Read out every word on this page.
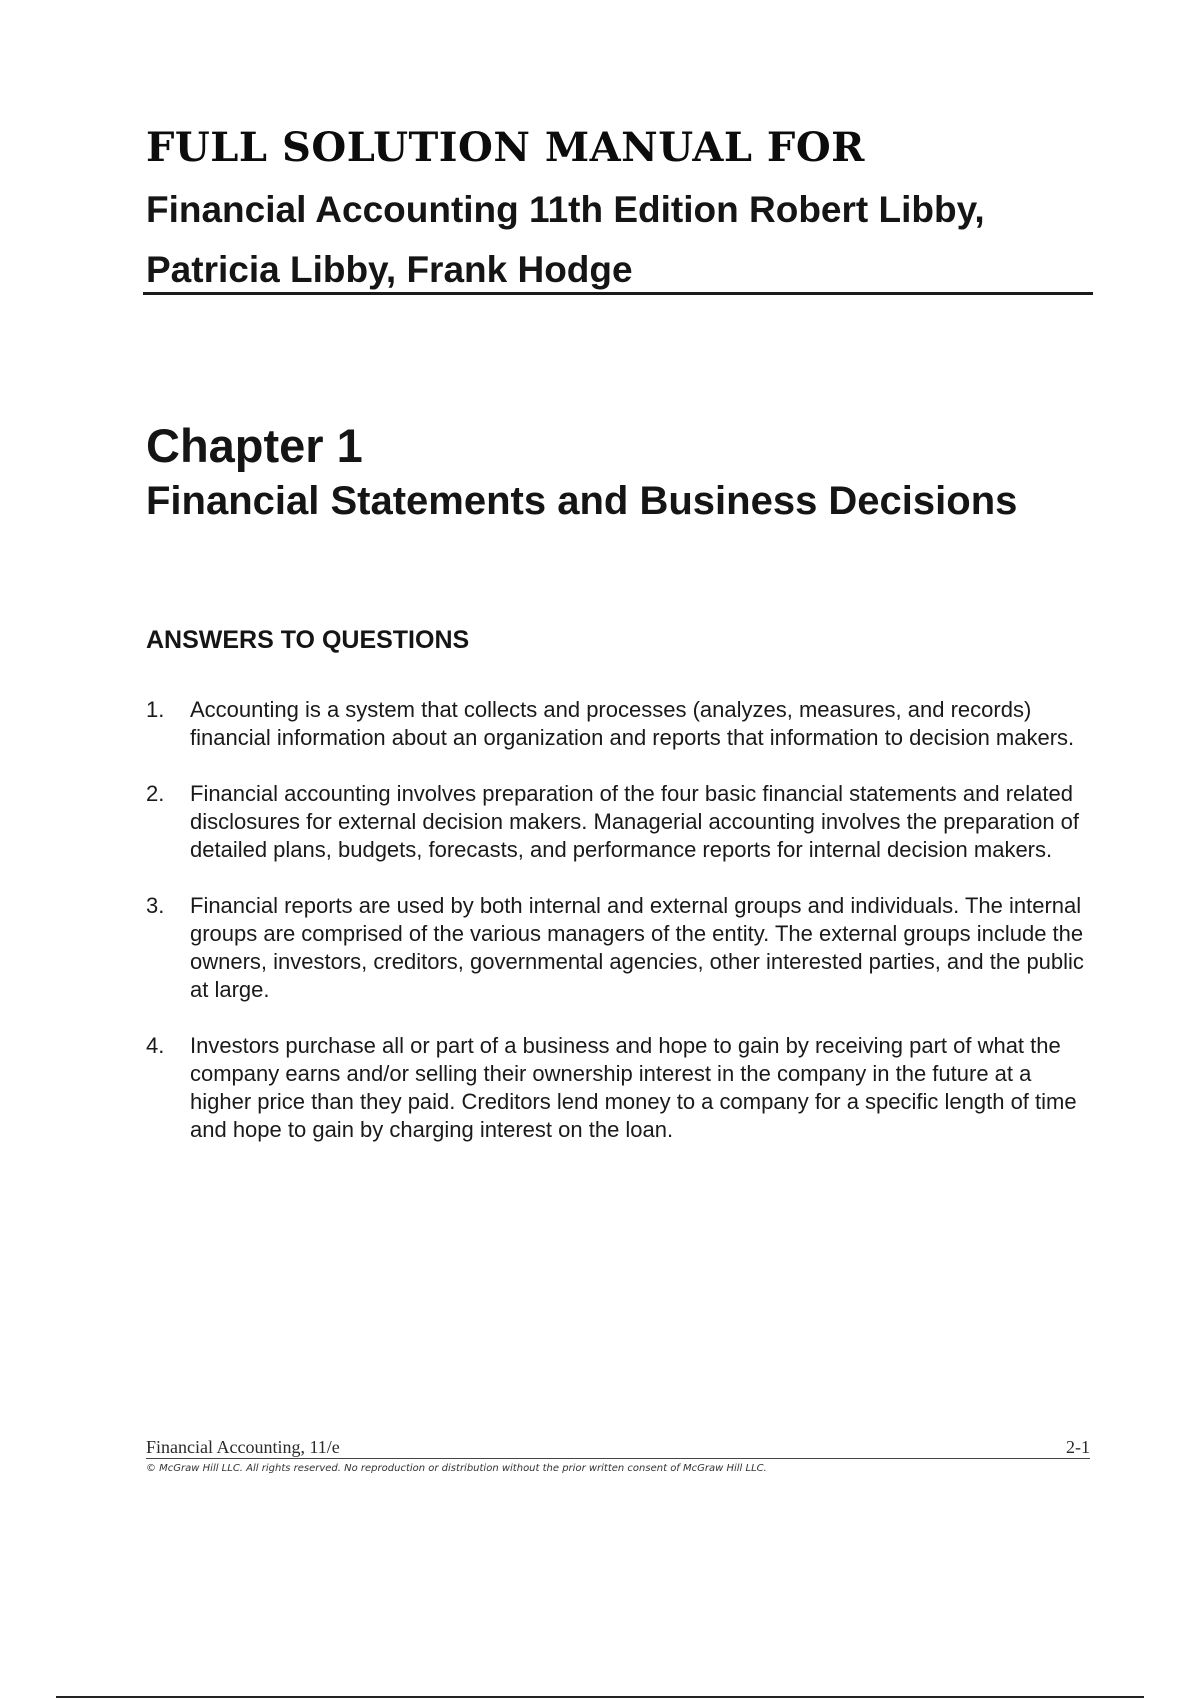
FULL SOLUTION MANUAL FOR
Financial Accounting 11th Edition Robert Libby, Patricia Libby, Frank Hodge
Chapter 1
Financial Statements and Business Decisions
ANSWERS TO QUESTIONS
1.	Accounting is a system that collects and processes (analyzes, measures, and records) financial information about an organization and reports that information to decision makers.
2.	Financial accounting involves preparation of the four basic financial statements and related disclosures for external decision makers. Managerial accounting involves the preparation of detailed plans, budgets, forecasts, and performance reports for internal decision makers.
3.	Financial reports are used by both internal and external groups and individuals. The internal groups are comprised of the various managers of the entity. The external groups include the owners, investors, creditors, governmental agencies, other interested parties, and the public at large.
4.	Investors purchase all or part of a business and hope to gain by receiving part of what the company earns and/or selling their ownership interest in the company in the future at a higher price than they paid. Creditors lend money to a company for a specific length of time and hope to gain by charging interest on the loan.
Financial Accounting, 11/e	2-1
© McGraw Hill LLC. All rights reserved. No reproduction or distribution without the prior written consent of McGraw Hill LLC.
